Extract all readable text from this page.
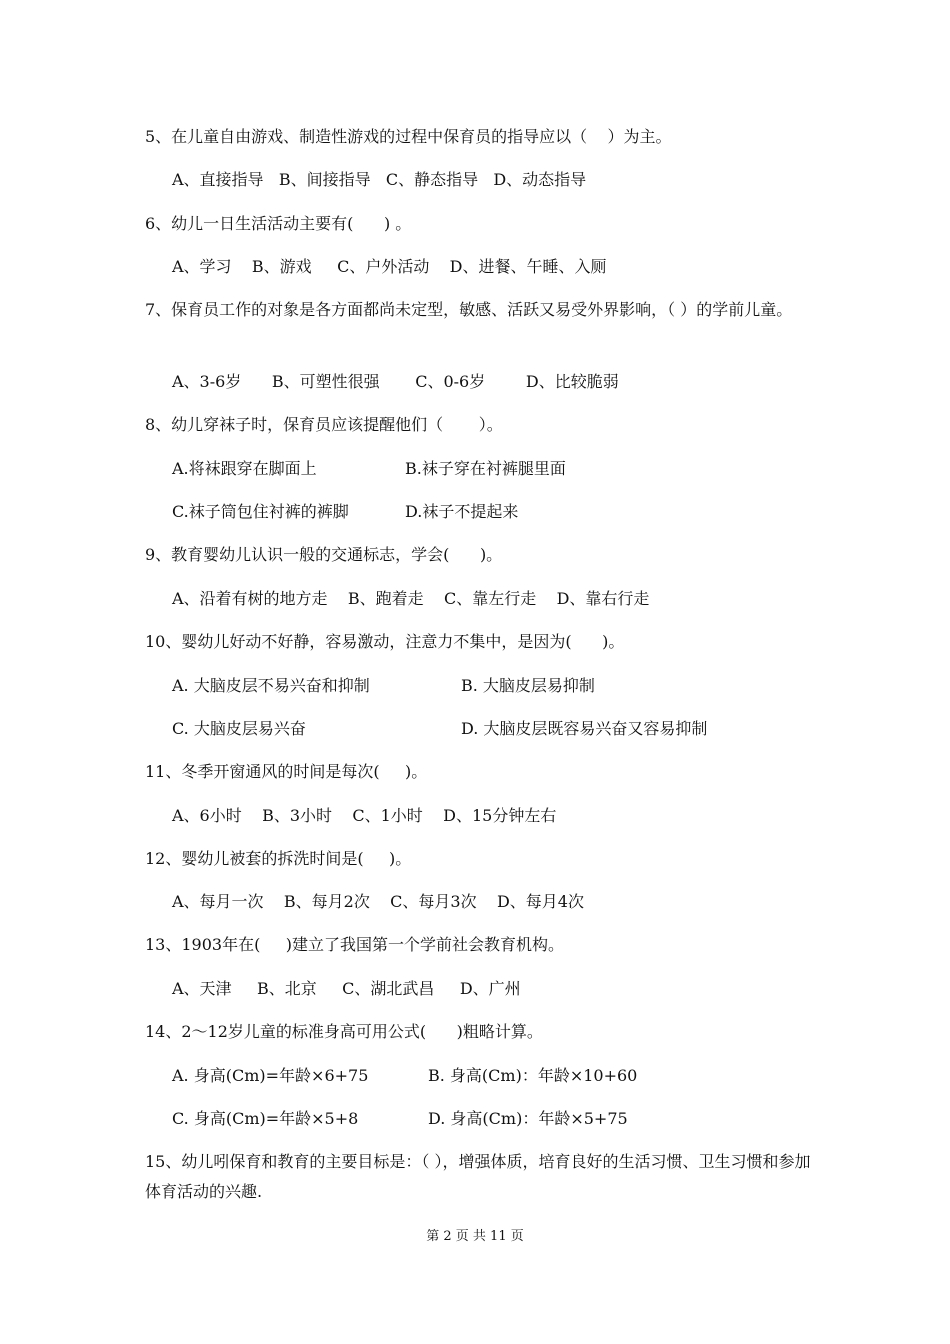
5、在儿童自由游戏、制造性游戏的过程中保育员的指导应以（    ）为主。
A、直接指导   B、间接指导   C、静态指导   D、动态指导
6、幼儿一日生活活动主要有(      ) 。
A、学习    B、游戏     C、户外活动    D、进餐、午睡、入厕
7、保育员工作的对象是各方面都尚未定型，敏感、活跃又易受外界影响，（ ）的学前儿童。
A、3-6岁      B、可塑性很强       C、0-6岁        D、比较脆弱
8、幼儿穿袜子时，保育员应该提醒他们（       ）。
A.将袜跟穿在脚面上	B.袜子穿在衬裤腿里面
C.袜子筒包住衬裤的裤脚	D.袜子不提起来
9、教育婴幼儿认识一般的交通标志，学会(      )。
A、沿着有树的地方走    B、跑着走    C、靠左行走    D、靠右行走
10、婴幼儿好动不好静，容易激动，注意力不集中，是因为(      )。
A. 大脑皮层不易兴奋和抑制	B. 大脑皮层易抑制
C. 大脑皮层易兴奋	D. 大脑皮层既容易兴奋又容易抑制
11、冬季开窗通风的时间是每次(     )。
A、6小时    B、3小时    C、1小时    D、15分钟左右
12、婴幼儿被套的拆洗时间是(     )。
A、每月一次    B、每月2次    C、每月3次    D、每月4次
13、1903年在(     )建立了我国第一个学前社会教育机构。
A、天津     B、北京     C、湖北武昌     D、广州
14、2～12岁儿童的标准身高可用公式(      )粗略计算。
A. 身高(Cm)=年龄×6+75	B. 身高(Cm)：年龄×10+60
C. 身高(Cm)=年龄×5+8	D. 身高(Cm)：年龄×5+75
15、幼儿吲保育和教育的主要目标是：（ ），增强体质，培育良好的生活习惯、卫生习惯和参加体育活动的兴趣.
第 2 页 共 11 页
